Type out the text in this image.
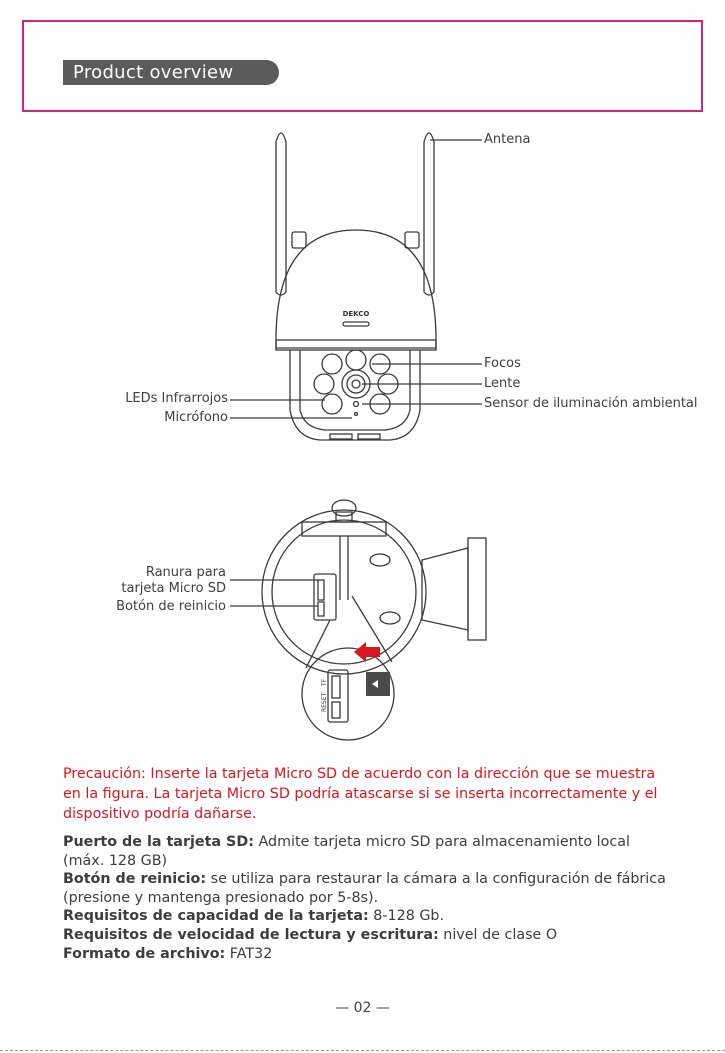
Product overview
DEKCO
Antena
Focos
Lente
Sensor de iluminación ambiental
LEDs Infrarrojos
Micrófono
RESET
TF
Ranura para
tarjeta Micro SD
Botón de reinicio
Precaución: Inserte la tarjeta Micro SD de acuerdo con la dirección que se muestra en la figura. La tarjeta Micro SD podría atascarse si se inserta incorrectamente y el dispositivo podría dañarse.
Puerto de la tarjeta SD: Admite tarjeta micro SD para almacenamiento local (máx. 128 GB)
Botón de reinicio: se utiliza para restaurar la cámara a la configuración de fábrica (presione y mantenga presionado por 5-8s).
Requisitos de capacidad de la tarjeta: 8-128 Gb.
Requisitos de velocidad de lectura y escritura: nivel de clase O
Formato de archivo: FAT32
— 02 —
